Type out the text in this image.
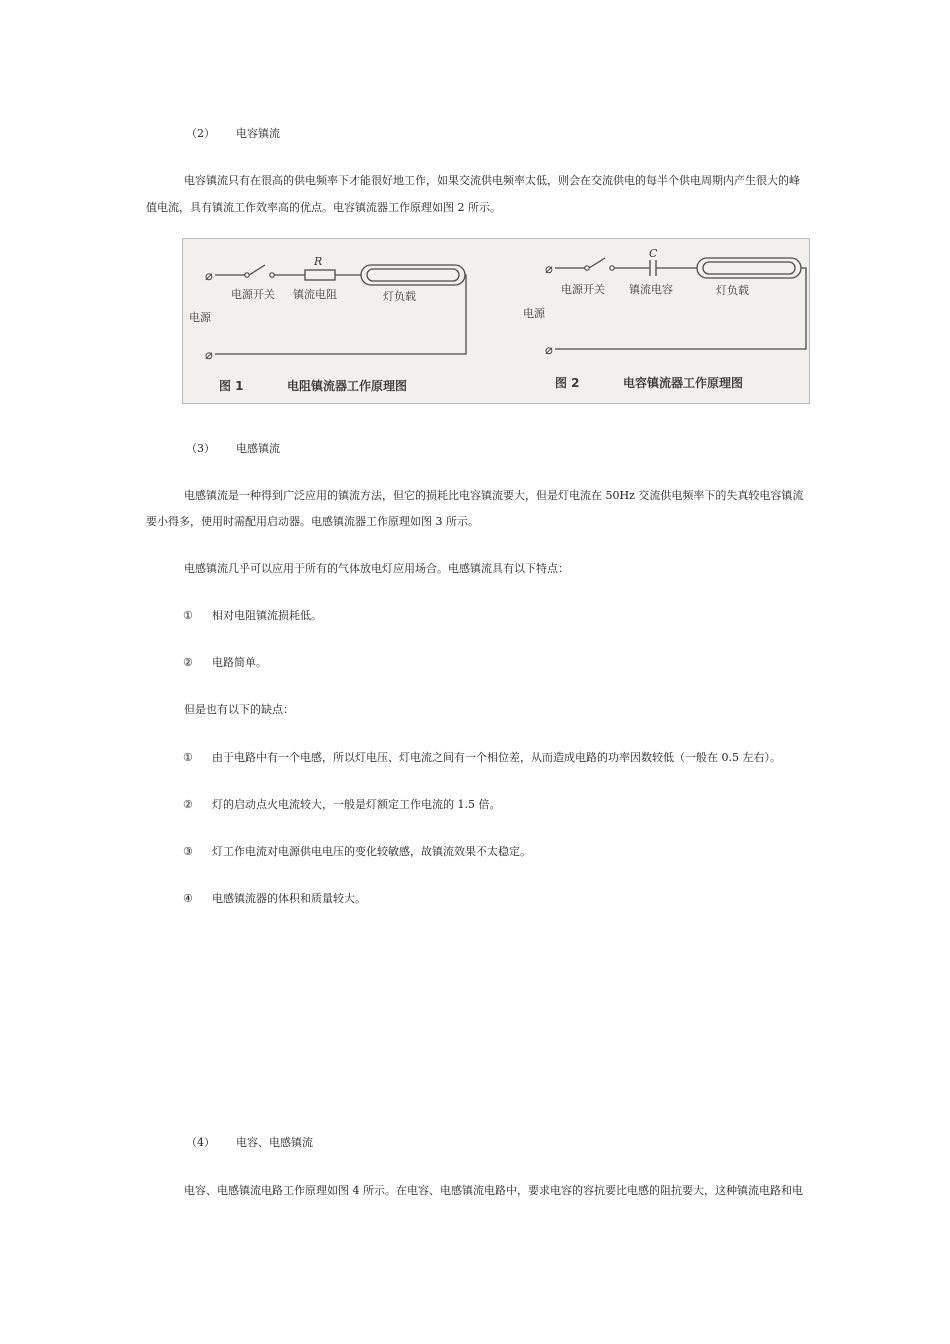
（2） 电容镇流

电容镇流只有在很高的供电频率下才能很好地工作，如果交流供电频率太低，则会在交流供电的每半个供电周期内产生很大的峰

值电流，具有镇流工作效率高的优点。电容镇流器工作原理如图 2 所示。

⌀
⌀
⌀
⌀
R
C
电源开关 镇流电阻	灯负载
电源
电源开关 镇流电容	灯负载
电源
图 1	电阻镇流器工作原理图	图 2	电容镇流器工作原理图
（3） 电感镇流

电感镇流是一种得到广泛应用的镇流方法，但它的损耗比电容镇流要大，但是灯电流在 50Hz 交流供电频率下的失真较电容镇流

要小得多，使用时需配用启动器。电感镇流器工作原理如图 3 所示。

电感镇流几乎可以应用于所有的气体放电灯应用场合。电感镇流具有以下特点：

① 相对电阻镇流损耗低。
② 电路简单。

但是也有以下的缺点：

① 由于电路中有一个电感，所以灯电压、灯电流之间有一个相位差，从而造成电路的功率因数较低（一般在 0.5 左右）。
② 灯的启动点火电流较大，一般是灯额定工作电流的 1.5 倍。
③ 灯工作电流对电源供电电压的变化较敏感，故镇流效果不太稳定。
④ 电感镇流器的体积和质量较大。
（4） 电容、电感镇流

电容、电感镇流电路工作原理如图 4 所示。在电容、电感镇流电路中，要求电容的容抗要比电感的阻抗要大，这种镇流电路和电
